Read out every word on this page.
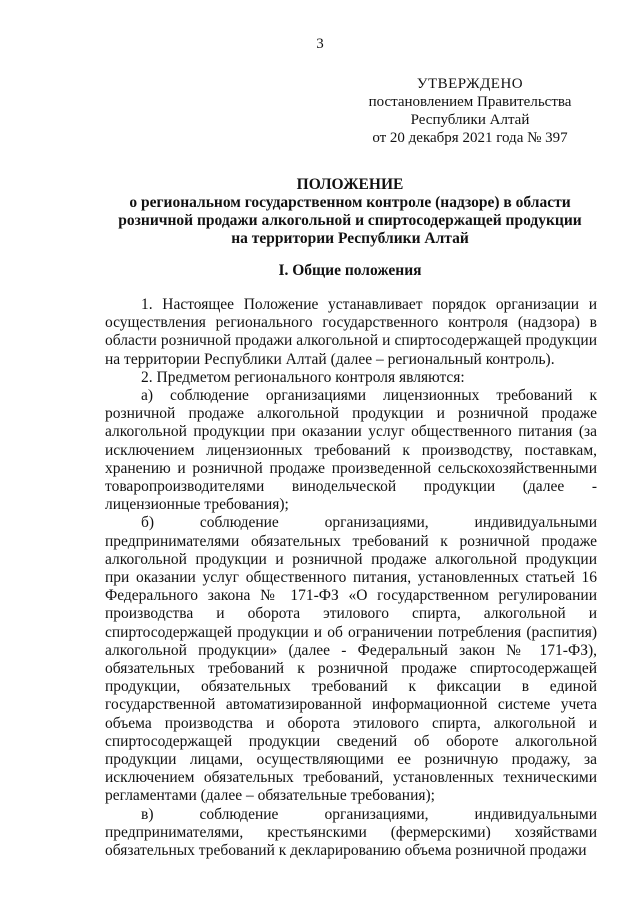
3
УТВЕРЖДЕНО
постановлением Правительства
Республики Алтай
от 20 декабря 2021 года № 397
ПОЛОЖЕНИЕ
о региональном государственном контроле (надзоре) в области
розничной продажи алкогольной и спиртосодержащей продукции
на территории Республики Алтай
I. Общие положения

1. Настоящее Положение устанавливает порядок организации и осуществления регионального государственного контроля (надзора) в области розничной продажи алкогольной и спиртосодержащей продукции на территории Республики Алтай (далее – региональный контроль).

2. Предметом регионального контроля являются:

а) соблюдение организациями лицензионных требований к розничной продаже алкогольной продукции и розничной продаже алкогольной продукции при оказании услуг общественного питания (за исключением лицензионных требований к производству, поставкам, хранению и розничной продаже произведенной сельскохозяйственными товаропроизводителями винодельческой продукции (далее - лицензионные требования);

б) соблюдение организациями, индивидуальными предпринимателями обязательных требований к розничной продаже алкогольной продукции и розничной продаже алкогольной продукции при оказании услуг общественного питания, установленных статьей 16 Федерального закона № 171-ФЗ «О государственном регулировании производства и оборота этилового спирта, алкогольной и спиртосодержащей продукции и об ограничении потребления (распития) алкогольной продукции» (далее - Федеральный закон № 171-ФЗ), обязательных требований к розничной продаже спиртосодержащей продукции, обязательных требований к фиксации в единой государственной автоматизированной информационной системе учета объема производства и оборота этилового спирта, алкогольной и спиртосодержащей продукции сведений об обороте алкогольной продукции лицами, осуществляющими ее розничную продажу, за исключением обязательных требований, установленных техническими регламентами (далее – обязательные требования);

в) соблюдение организациями, индивидуальными предпринимателями, крестьянскими (фермерскими) хозяйствами обязательных требований к декларированию объема розничной продажи
